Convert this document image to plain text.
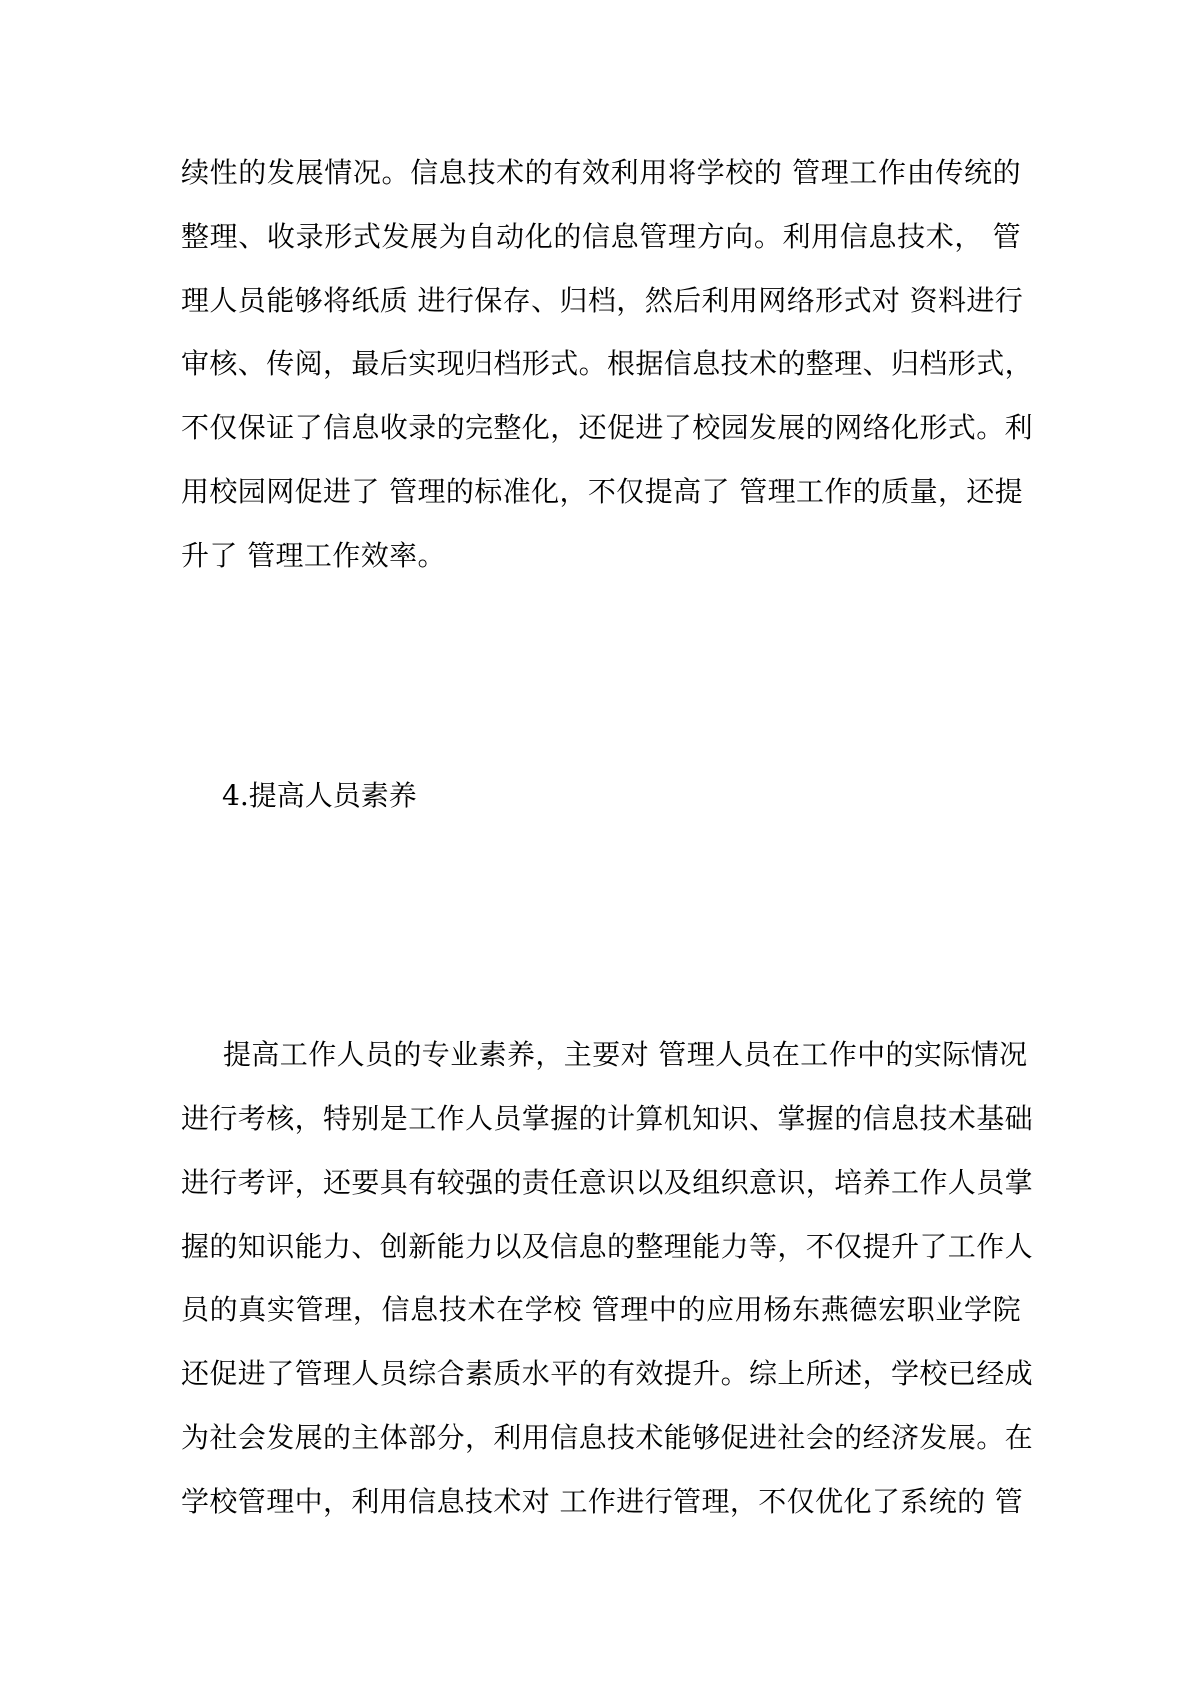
续性的发展情况。信息技术的有效利用将学校的 管理工作由传统的
整理、收录形式发展为自动化的信息管理方向。利用信息技术， 管
理人员能够将纸质 进行保存、归档，然后利用网络形式对 资料进行
审核、传阅，最后实现归档形式。根据信息技术的整理、归档形式，
不仅保证了信息收录的完整化，还促进了校园发展的网络化形式。利
用校园网促进了 管理的标准化，不仅提高了 管理工作的质量，还提
升了 管理工作效率。
4.提高人员素养
提高工作人员的专业素养，主要对 管理人员在工作中的实际情况
进行考核，特别是工作人员掌握的计算机知识、掌握的信息技术基础
进行考评，还要具有较强的责任意识以及组织意识，培养工作人员掌
握的知识能力、创新能力以及信息的整理能力等，不仅提升了工作人
员的真实管理，信息技术在学校 管理中的应用杨东燕德宏职业学院
还促进了管理人员综合素质水平的有效提升。综上所述，学校已经成
为社会发展的主体部分，利用信息技术能够促进社会的经济发展。在
学校管理中，利用信息技术对 工作进行管理，不仅优化了系统的 管
